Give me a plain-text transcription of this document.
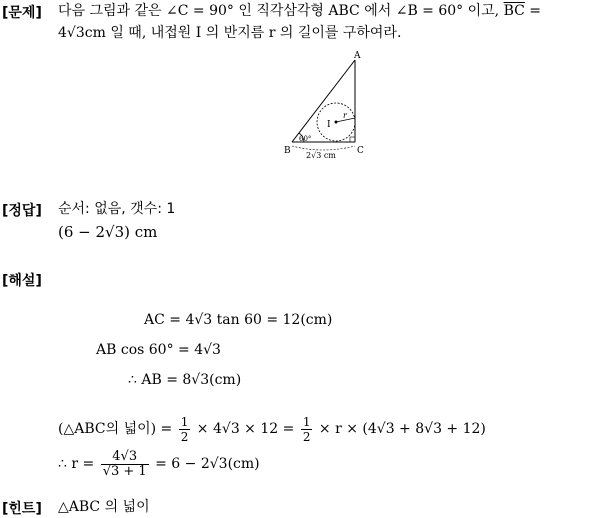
[문제] 다음 그림과 같은 ∠C = 90° 인 직각삼각형 ABC 에서 ∠B = 60° 이고, $\overline{BC}$ =
4√3cm 일 때, 내접원 I 의 반지름 r 의 길이를 구하여라.
A
B	C
I
r
60°
2√3 cm
[정답] 순서: 없음, 갯수: 1
(6 − 2√3) cm
[해설]
AC = 4√3 tan 60 = 12(cm)
AB cos 60° = 4√3
∴ AB = 8√3(cm)
(△ABC의 넓이) = $\frac{1}{2} \times 4√3 \times 12 = \frac{1}{2} \times r \times (4√3 + 8√3 + 12)$
∴ $r = \frac{4√3}{√3 + 1} = 6 - 2√3(cm)$
[힌트] △ABC 의 넓이
